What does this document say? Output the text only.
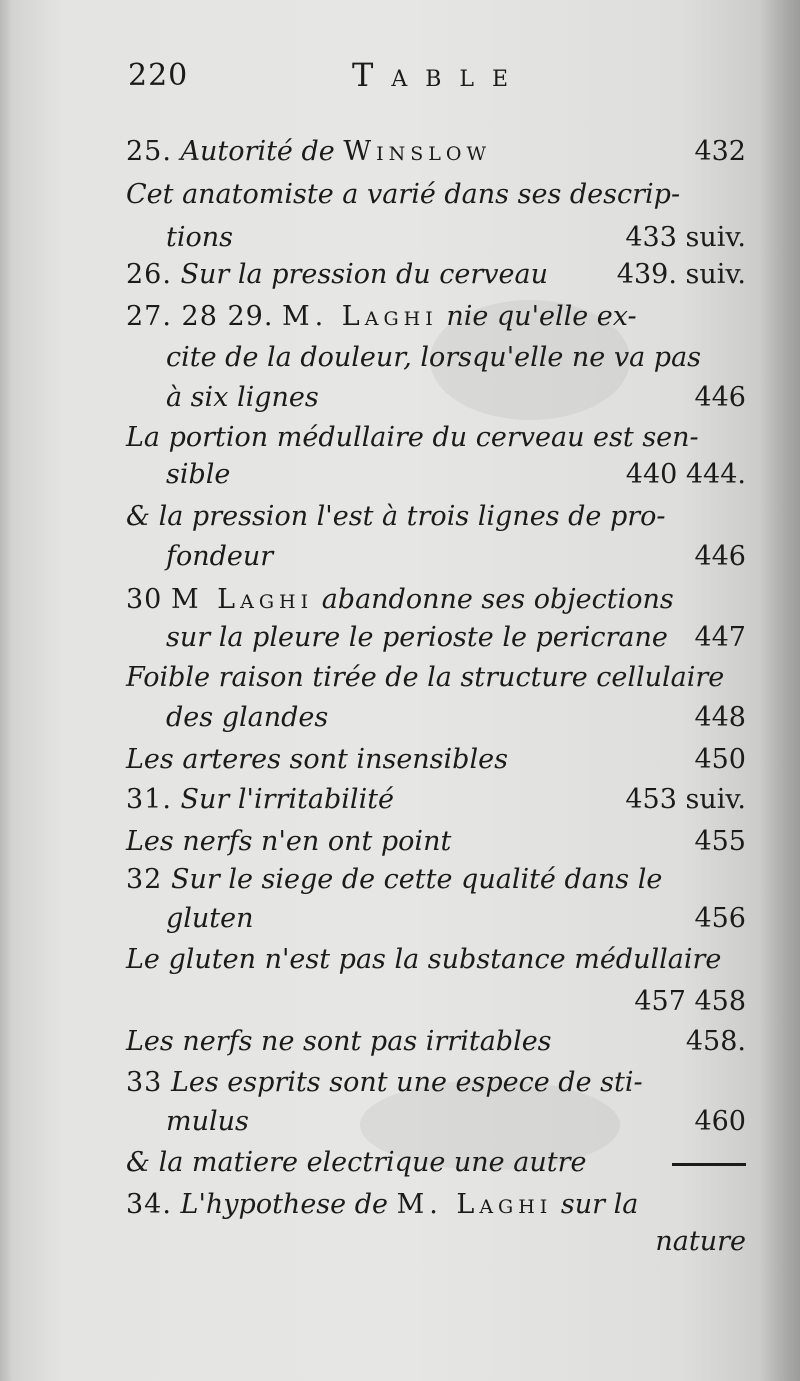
220	Table
25. Autorité de Winslow	432
Cet anatomiste a varié dans ses descrip-
tions	433 suiv.
26. Sur la pression du cerveau	439. suiv.
27. 28 29. M. Laghi nie qu'elle ex-
cite de la douleur, lorsqu'elle ne va pas
à six lignes	446
La portion médullaire du cerveau est sen-
sible	440 444.
& la pression l'est à trois lignes de pro-
fondeur	446
30 M Laghi abandonne ses objections
sur la pleure le perioste le pericrane 447
Foible raison tirée de la structure cellulaire
des glandes	448
Les arteres sont insensibles	450
31. Sur l'irritabilité	453 suiv.
Les nerfs n'en ont point	455
32 Sur le siege de cette qualité dans le
gluten	456
Le gluten n'est pas la substance médullaire
457 458
Les nerfs ne sont pas irritables	458.
33 Les esprits sont une espece de sti-
mulus	460
& la matiere electrique une autre
34. L'hypothese de M. Laghi sur la
nature
